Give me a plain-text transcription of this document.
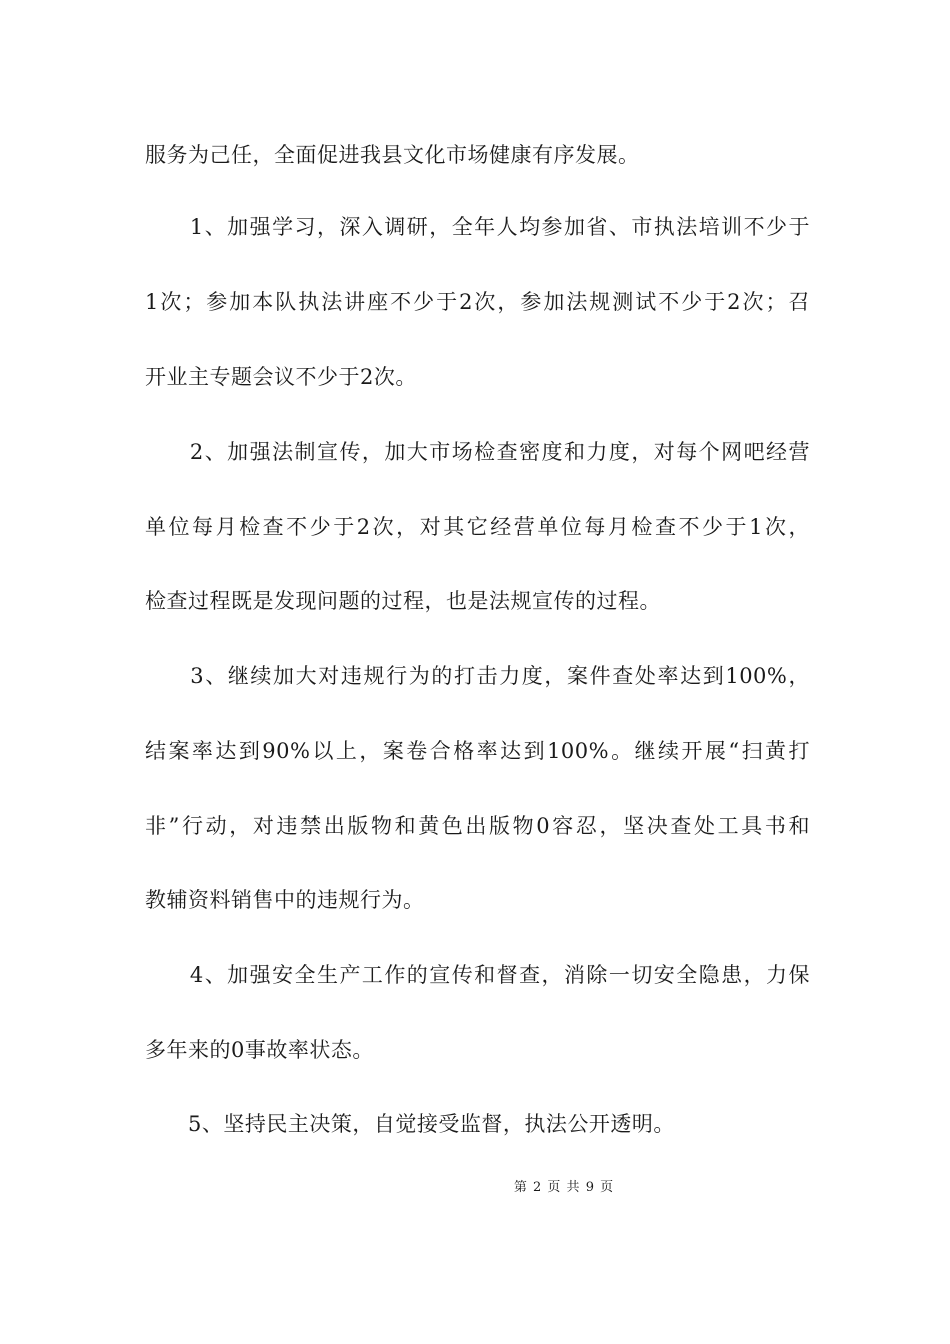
服务为己任，全面促进我县文化市场健康有序发展。
　　1、加强学习，深入调研，全年人均参加省、市执法培训不少于
1次；参加本队执法讲座不少于2次，参加法规测试不少于2次；召
开业主专题会议不少于2次。
　　2、加强法制宣传，加大市场检查密度和力度，对每个网吧经营
单位每月检查不少于2次，对其它经营单位每月检查不少于1次，
检查过程既是发现问题的过程，也是法规宣传的过程。
　　3、继续加大对违规行为的打击力度，案件查处率达到100%，
结案率达到90%以上，案卷合格率达到100%。继续开展“扫黄打
非”行动，对违禁出版物和黄色出版物0容忍，坚决查处工具书和
教辅资料销售中的违规行为。
　　4、加强安全生产工作的宣传和督查，消除一切安全隐患，力保
多年来的0事故率状态。
　　5、坚持民主决策，自觉接受监督，执法公开透明。
第 2 页 共 9 页
